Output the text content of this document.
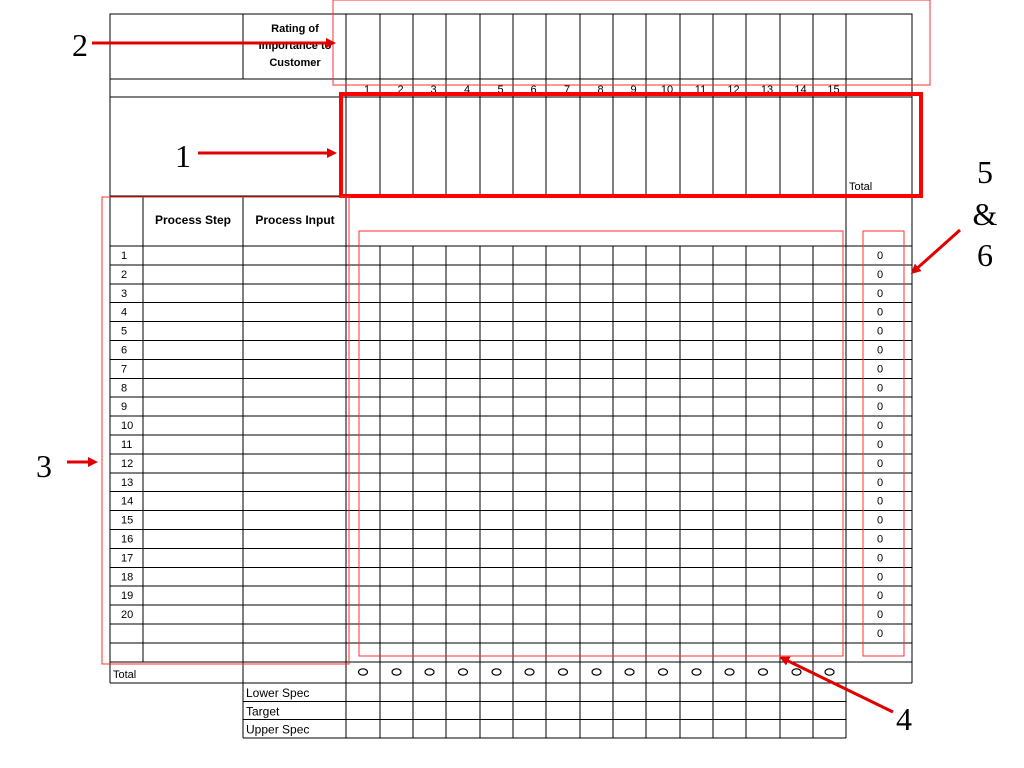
Rating of
Importance to
Customer
1 2 3 4 5 6 7 8 9 10 11 12 13 14 15
Total
Process Step Process Input
1
2
3
4
5
6
7
8
9
10
11
12
13
14
15
16
17
18
19
20
0
0
0
0
0
0
0
0
0
0
0
0
0
0
0
0
0
0
0
0
0
Total
Lower Spec
Target
Upper Spec
2
1
3
4
5
&
6
